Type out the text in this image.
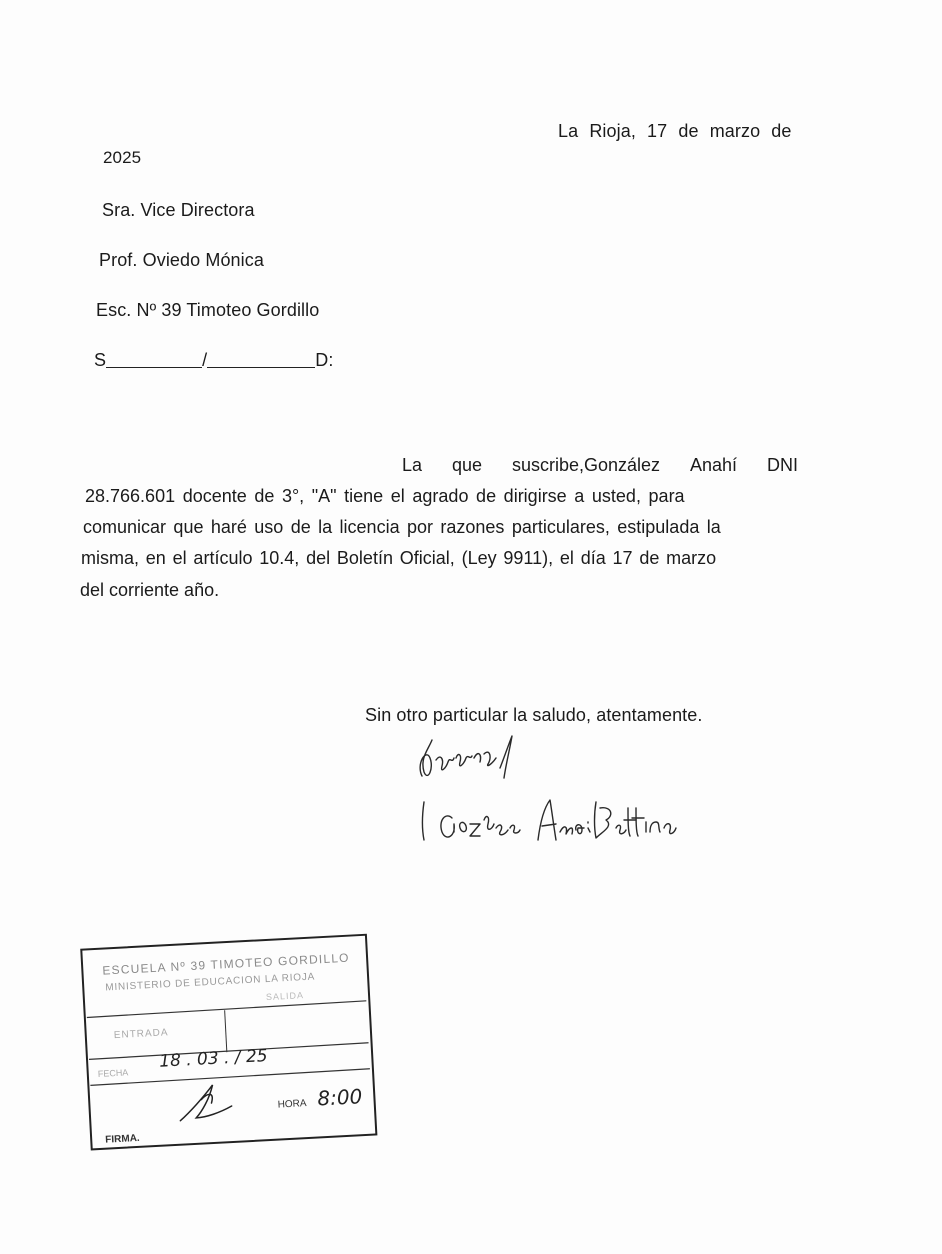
La Rioja, 17 de marzo de
2025
Sra. Vice Directora
Prof. Oviedo Mónica
Esc. Nº 39 Timoteo Gordillo
S	/	D:
La que suscribe,González Anahí DNI
28.766.601 docente de 3°, "A" tiene el agrado de dirigirse a usted, para
comunicar que haré uso de la licencia por razones particulares, estipulada la
misma, en el artículo 10.4, del Boletín Oficial, (Ley 9911), el día 17 de marzo
del corriente año.
Sin otro particular la saludo, atentamente.
ESCUELA Nº 39 TIMOTEO GORDILLO
MINISTERIO DE EDUCACION LA RIOJA
ENTRADA
SALIDA
FECHA
18 . 03 . / 25
HORA 8:00
FIRMA.
